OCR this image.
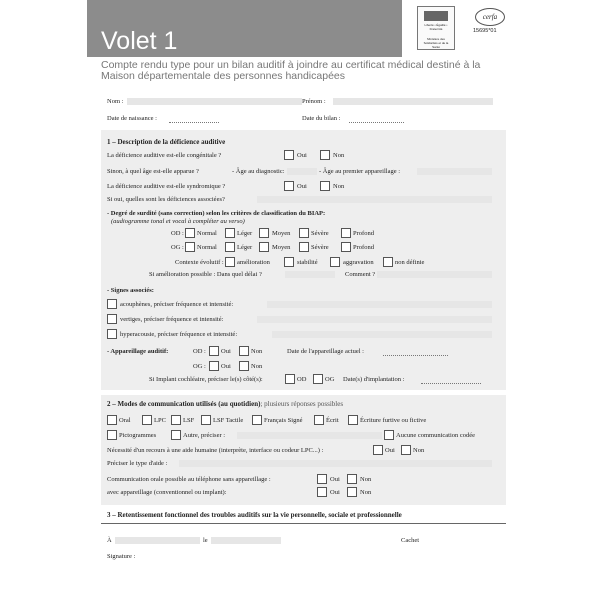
Volet 1
Liberté • Égalité • Fraternité
Ministère des Solidarités et de la Santé
cerfa
15695*01
Compte rendu type pour un bilan auditif à joindre au certificat médical destiné à la Maison départementale des personnes handicapées
Nom :	Prénom :
Date de naissance :	Date du bilan :
1 – Description de la déficience auditive
La déficience auditive est-elle congénitale ?	Oui	Non
Sinon, à quel âge est-elle apparue ?	- Âge au diagnostic:	- Âge au premier appareillage :
La déficience auditive est-elle syndromique ?	Oui	Non
Si oui, quelles sont les déficiences associées?
- Degré de surdité (sans correction) selon les critères de classification du BIAP:
(audiogramme tonal et vocal à compléter au verso)
OD : Normal	Léger	Moyen	Sévère	Profond
OG : Normal	Léger	Moyen	Sévère	Profond
Contexte évolutif : amélioration	stabilité	aggravation	non définie
Si amélioration possible : Dans quel délai ?	Comment ?
- Signes associés:
acouphènes, préciser fréquence et intensité:
vertiges, préciser fréquence et intensité:
hyperacousie, préciser fréquence et intensité:
- Appareillage auditif:	OD : Oui	Non	Date de l'appareillage actuel :
OG : Oui	Non
Si Implant cochléaire, préciser le(s) côté(s):	OD	OG Date(s) d'implantation :
2 – Modes de communication utilisés (au quotidien); plusieurs réponses possibles
Oral	LPC	LSF	LSF Tactile	Français Signé	Écrit	Écriture furtive ou fictive
Pictogrammes	Autre, préciser :	Aucune communication codée
Nécessité d'un recours à une aide humaine (interprète, interface ou codeur LPC...) :	Oui	Non
Préciser le type d'aide :
Communication orale possible au téléphone sans appareillage :	Oui	Non
avec appareillage (conventionnel ou implant):	Oui	Non
3 – Retentissement fonctionnel des troubles auditifs sur la vie personnelle, sociale et professionnelle
À	le	Cachet
Signature :
